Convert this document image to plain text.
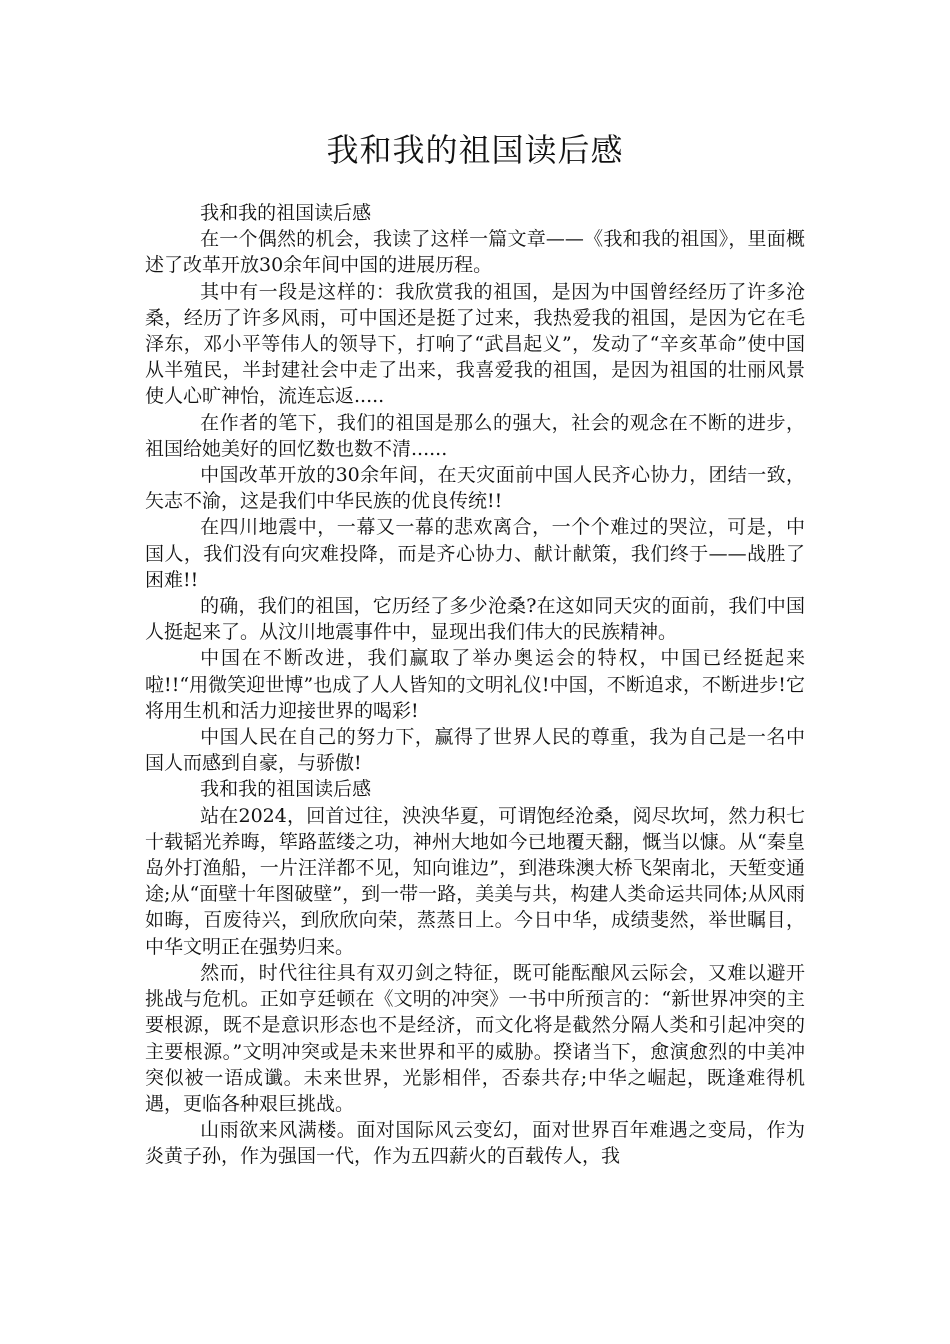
我和我的祖国读后感

我和我的祖国读后感

在一个偶然的机会，我读了这样一篇文章——《我和我的祖国》，里面概述了改革开放30余年间中国的进展历程。

其中有一段是这样的：我欣赏我的祖国，是因为中国曾经经历了许多沧桑，经历了许多风雨，可中国还是挺了过来，我热爱我的祖国，是因为它在毛泽东，邓小平等伟人的领导下，打响了“武昌起义”，发动了“辛亥革命”使中国从半殖民，半封建社会中走了出来，我喜爱我的祖国，是因为祖国的壮丽风景使人心旷神怡，流连忘返.....

在作者的笔下，我们的祖国是那么的强大，社会的观念在不断的进步，祖国给她美好的回忆数也数不清......

中国改革开放的30余年间，在天灾面前中国人民齐心协力，团结一致，矢志不渝，这是我们中华民族的优良传统!!

在四川地震中，一幕又一幕的悲欢离合，一个个难过的哭泣，可是，中国人，我们没有向灾难投降，而是齐心协力、献计献策，我们终于——战胜了困难!!

的确，我们的祖国，它历经了多少沧桑?在这如同天灾的面前，我们中国人挺起来了。从汶川地震事件中，显现出我们伟大的民族精神。

中国在不断改进，我们赢取了举办奥运会的特权，中国已经挺起来啦!!“用微笑迎世博”也成了人人皆知的文明礼仪!中国，不断追求，不断进步!它将用生机和活力迎接世界的喝彩!

中国人民在自己的努力下，赢得了世界人民的尊重，我为自己是一名中国人而感到自豪，与骄傲!

我和我的祖国读后感

站在2024，回首过往，泱泱华夏，可谓饱经沧桑，阅尽坎坷，然力积七十载韬光养晦，筚路蓝缕之功，神州大地如今已地覆天翻，慨当以慷。从“秦皇岛外打渔船，一片汪洋都不见，知向谁边”，到港珠澳大桥飞架南北，天堑变通途;从“面壁十年图破壁”，到一带一路，美美与共，构建人类命运共同体;从风雨如晦，百废待兴，到欣欣向荣，蒸蒸日上。今日中华，成绩斐然，举世瞩目，中华文明正在强势归来。

然而，时代往往具有双刃剑之特征，既可能酝酿风云际会，又难以避开挑战与危机。正如亨廷顿在《文明的冲突》一书中所预言的：“新世界冲突的主要根源，既不是意识形态也不是经济，而文化将是截然分隔人类和引起冲突的主要根源。”文明冲突或是未来世界和平的威胁。揆诸当下，愈演愈烈的中美冲突似被一语成谶。未来世界，光影相伴，否泰共存;中华之崛起，既逢难得机遇，更临各种艰巨挑战。

山雨欲来风满楼。面对国际风云变幻，面对世界百年难遇之变局，作为炎黄子孙，作为强国一代，作为五四薪火的百载传人，我
